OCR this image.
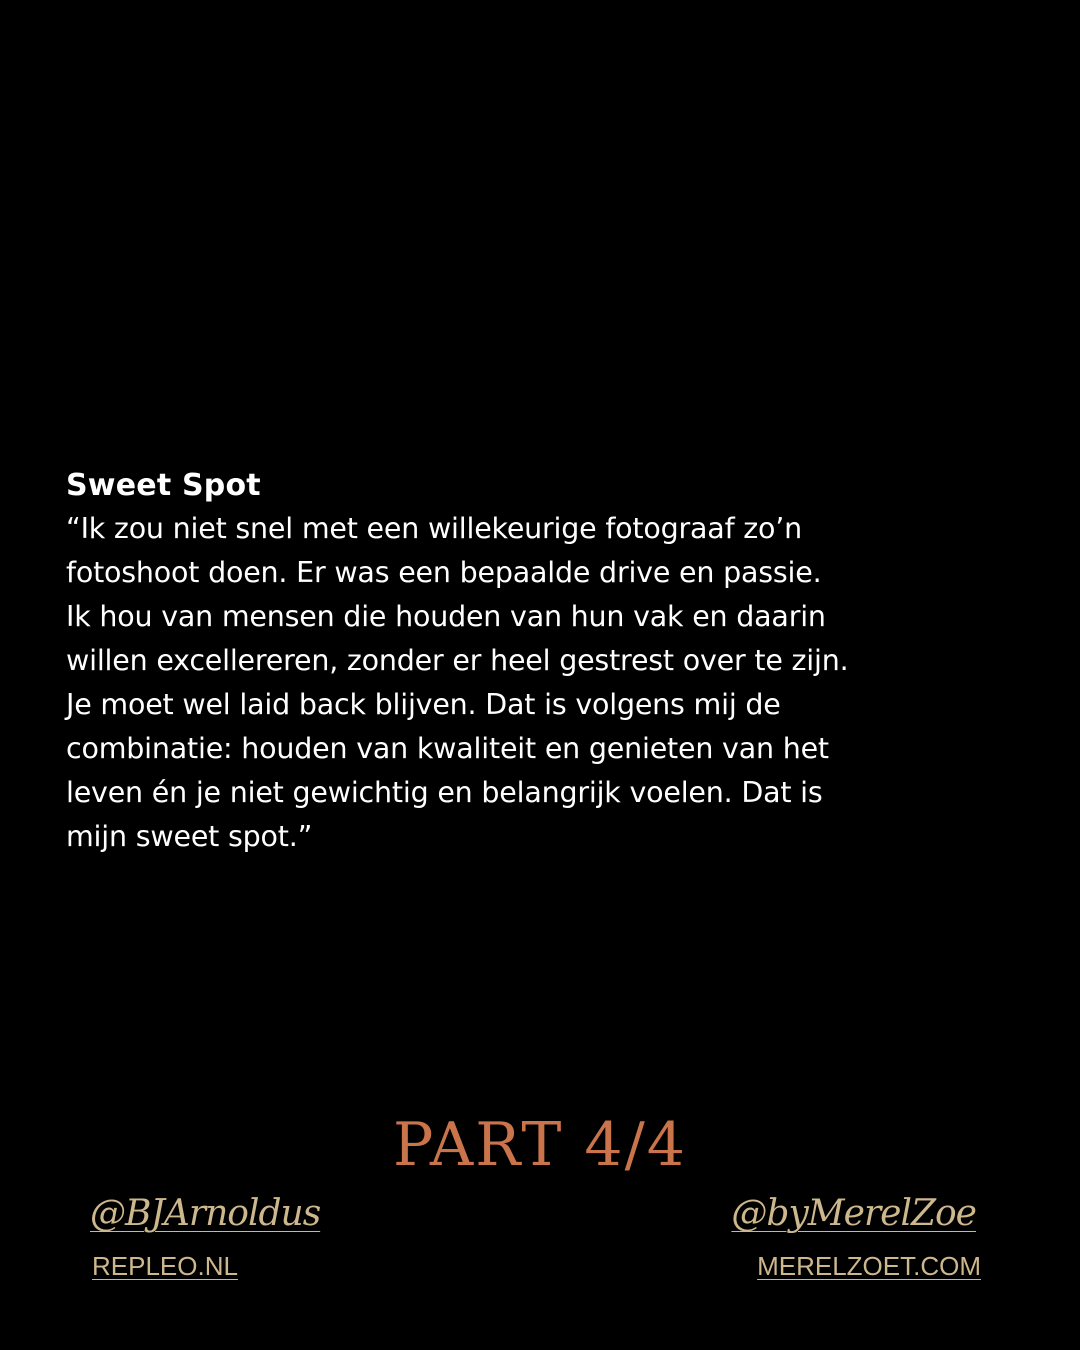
Sweet Spot

“Ik zou niet snel met een willekeurige fotograaf zo’n
fotoshoot doen. Er was een bepaalde drive en passie.
Ik hou van mensen die houden van hun vak en daarin
willen excellereren, zonder er heel gestrest over te zijn.
Je moet wel laid back blijven. Dat is volgens mij de
combinatie: houden van kwaliteit en genieten van het
leven én je niet gewichtig en belangrijk voelen. Dat is
mijn sweet spot.”

PART 4/4
@BJArnoldus
REPLEO.NL
@byMerelZoe
MERELZOET.COM
